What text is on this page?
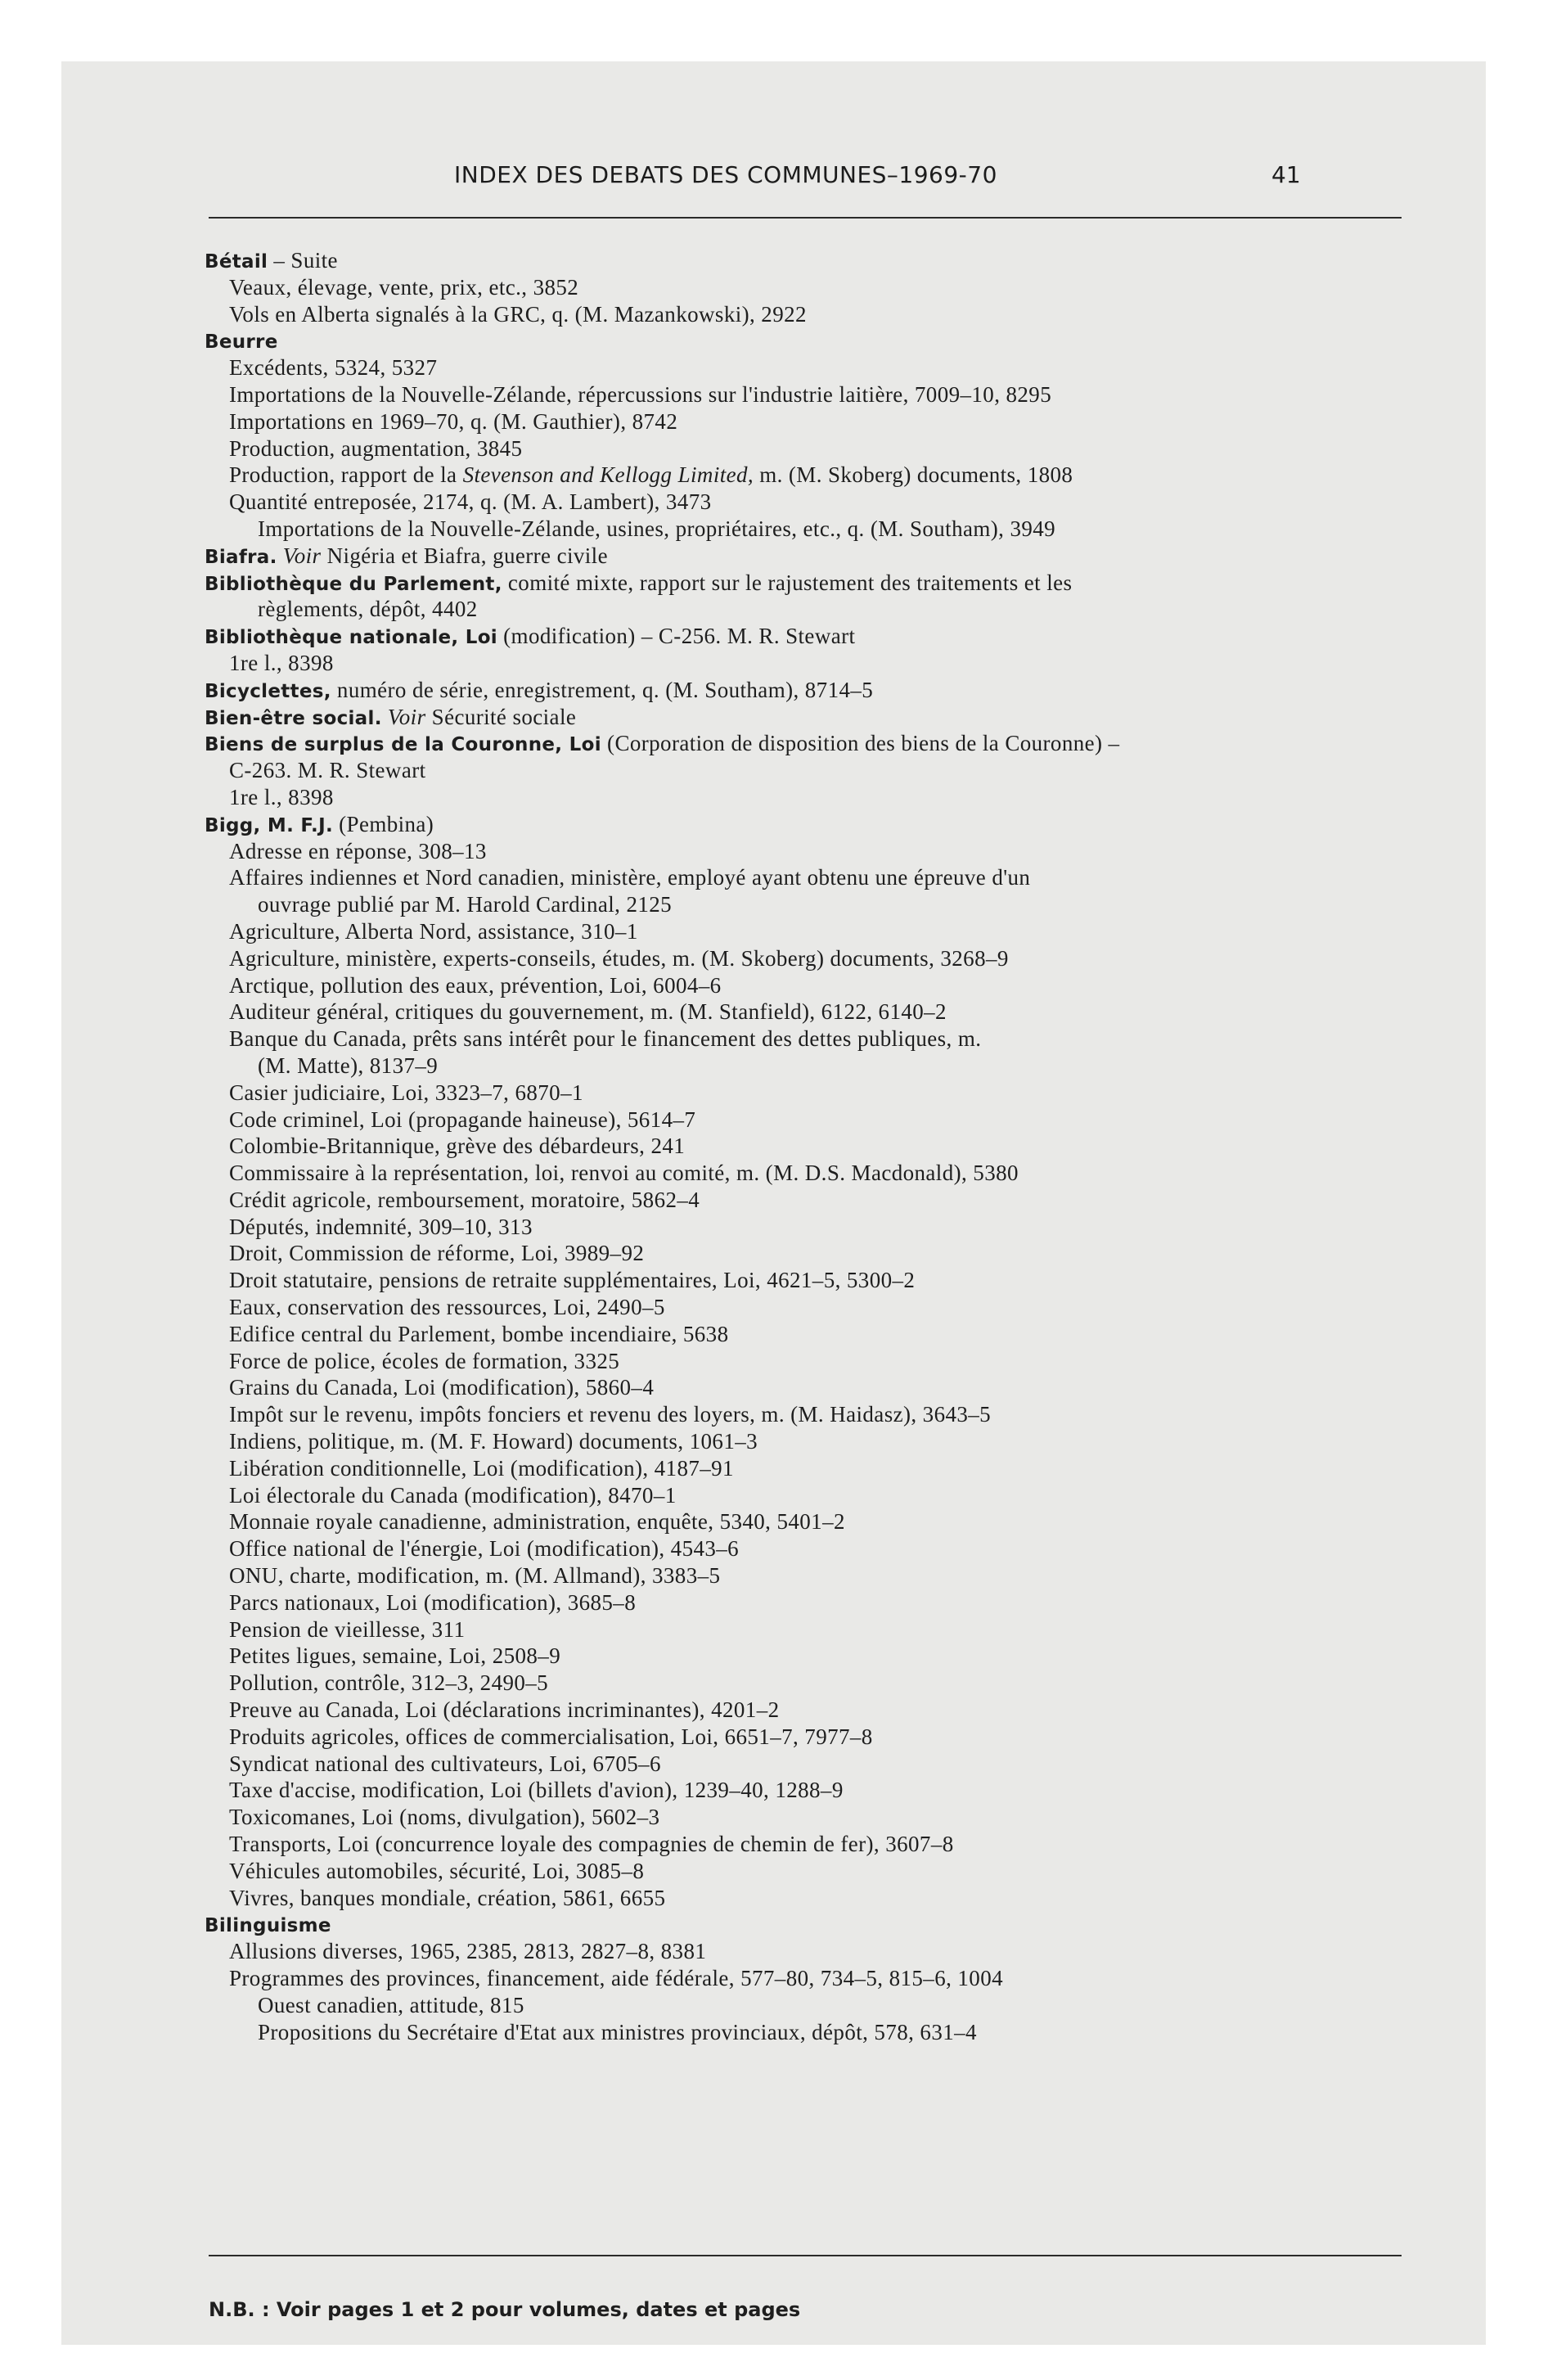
INDEX DES DEBATS DES COMMUNES–1969-70	41
Bétail – Suite
Veaux, élevage, vente, prix, etc., 3852
Vols en Alberta signalés à la GRC, q. (M. Mazankowski), 2922
Beurre
Excédents, 5324, 5327
Importations de la Nouvelle-Zélande, répercussions sur l'industrie laitière, 7009–10, 8295
Importations en 1969–70, q. (M. Gauthier), 8742
Production, augmentation, 3845
Production, rapport de la Stevenson and Kellogg Limited, m. (M. Skoberg) documents, 1808
Quantité entreposée, 2174, q. (M. A. Lambert), 3473
Importations de la Nouvelle-Zélande, usines, propriétaires, etc., q. (M. Southam), 3949
Biafra. Voir Nigéria et Biafra, guerre civile
Bibliothèque du Parlement, comité mixte, rapport sur le rajustement des traitements et les
règlements, dépôt, 4402
Bibliothèque nationale, Loi (modification) – C-256. M. R. Stewart
1re l., 8398
Bicyclettes, numéro de série, enregistrement, q. (M. Southam), 8714–5
Bien-être social. Voir Sécurité sociale
Biens de surplus de la Couronne, Loi (Corporation de disposition des biens de la Couronne) –
C-263. M. R. Stewart
1re l., 8398
Bigg, M. F.J. (Pembina)
Adresse en réponse, 308–13
Affaires indiennes et Nord canadien, ministère, employé ayant obtenu une épreuve d'un
ouvrage publié par M. Harold Cardinal, 2125
Agriculture, Alberta Nord, assistance, 310–1
Agriculture, ministère, experts-conseils, études, m. (M. Skoberg) documents, 3268–9
Arctique, pollution des eaux, prévention, Loi, 6004–6
Auditeur général, critiques du gouvernement, m. (M. Stanfield), 6122, 6140–2
Banque du Canada, prêts sans intérêt pour le financement des dettes publiques, m.
(M. Matte), 8137–9
Casier judiciaire, Loi, 3323–7, 6870–1
Code criminel, Loi (propagande haineuse), 5614–7
Colombie-Britannique, grève des débardeurs, 241
Commissaire à la représentation, loi, renvoi au comité, m. (M. D.S. Macdonald), 5380
Crédit agricole, remboursement, moratoire, 5862–4
Députés, indemnité, 309–10, 313
Droit, Commission de réforme, Loi, 3989–92
Droit statutaire, pensions de retraite supplémentaires, Loi, 4621–5, 5300–2
Eaux, conservation des ressources, Loi, 2490–5
Edifice central du Parlement, bombe incendiaire, 5638
Force de police, écoles de formation, 3325
Grains du Canada, Loi (modification), 5860–4
Impôt sur le revenu, impôts fonciers et revenu des loyers, m. (M. Haidasz), 3643–5
Indiens, politique, m. (M. F. Howard) documents, 1061–3
Libération conditionnelle, Loi (modification), 4187–91
Loi électorale du Canada (modification), 8470–1
Monnaie royale canadienne, administration, enquête, 5340, 5401–2
Office national de l'énergie, Loi (modification), 4543–6
ONU, charte, modification, m. (M. Allmand), 3383–5
Parcs nationaux, Loi (modification), 3685–8
Pension de vieillesse, 311
Petites ligues, semaine, Loi, 2508–9
Pollution, contrôle, 312–3, 2490–5
Preuve au Canada, Loi (déclarations incriminantes), 4201–2
Produits agricoles, offices de commercialisation, Loi, 6651–7, 7977–8
Syndicat national des cultivateurs, Loi, 6705–6
Taxe d'accise, modification, Loi (billets d'avion), 1239–40, 1288–9
Toxicomanes, Loi (noms, divulgation), 5602–3
Transports, Loi (concurrence loyale des compagnies de chemin de fer), 3607–8
Véhicules automobiles, sécurité, Loi, 3085–8
Vivres, banques mondiale, création, 5861, 6655
Bilinguisme
Allusions diverses, 1965, 2385, 2813, 2827–8, 8381
Programmes des provinces, financement, aide fédérale, 577–80, 734–5, 815–6, 1004
Ouest canadien, attitude, 815
Propositions du Secrétaire d'Etat aux ministres provinciaux, dépôt, 578, 631–4
N.B. : Voir pages 1 et 2 pour volumes, dates et pages
